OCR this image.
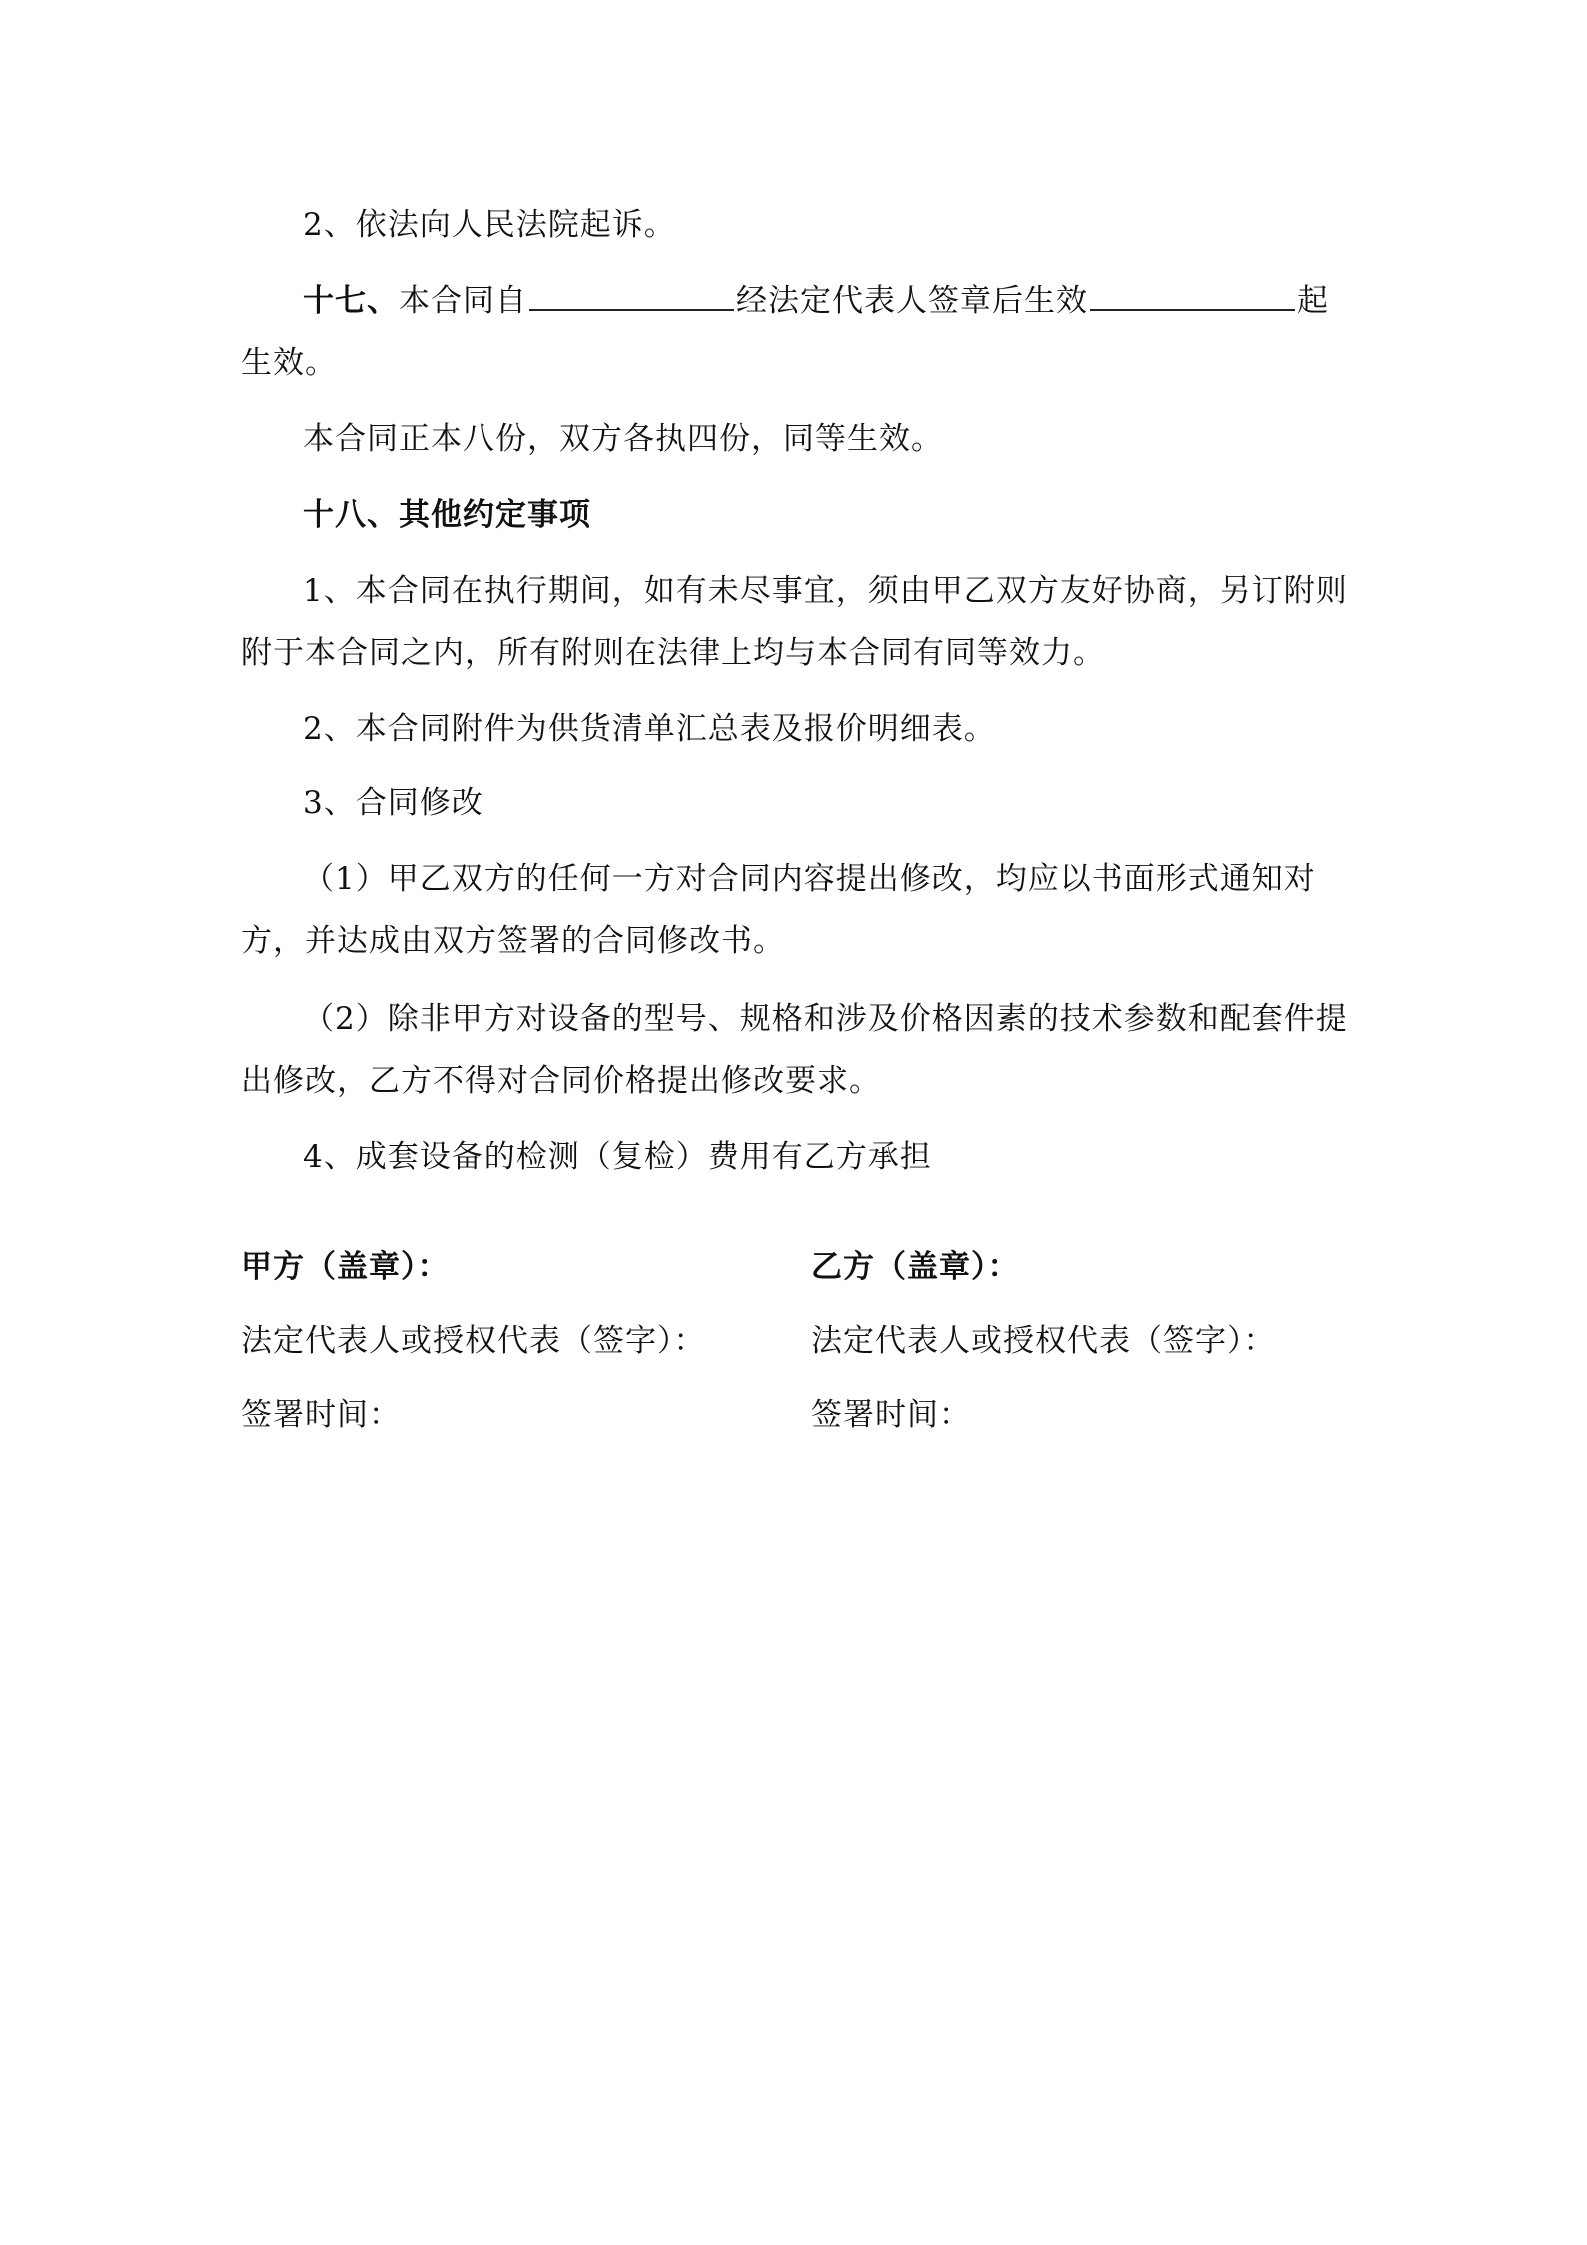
2、依法向人民法院起诉。

十七、本合同自	经法定代表人签章后生效	起生效。

本合同正本八份，双方各执四份，同等生效。

十八、其他约定事项

1、本合同在执行期间，如有未尽事宜，须由甲乙双方友好协商，另订附则附于本合同之内，所有附则在法律上均与本合同有同等效力。

2、本合同附件为供货清单汇总表及报价明细表。

3、合同修改

（1）甲乙双方的任何一方对合同内容提出修改，均应以书面形式通知对方，并达成由双方签署的合同修改书。

（2）除非甲方对设备的型号、规格和涉及价格因素的技术参数和配套件提出修改，乙方不得对合同价格提出修改要求。

4、成套设备的检测（复检）费用有乙方承担

甲方（盖章）：
法定代表人或授权代表（签字）：
签署时间：
乙方（盖章）：
法定代表人或授权代表（签字）：
签署时间：
